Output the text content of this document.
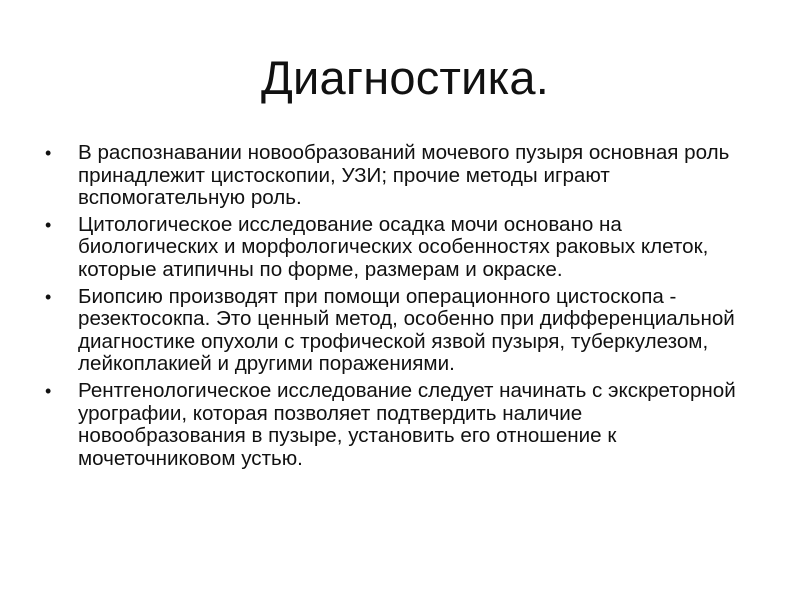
Диагностика.
•	В распознавании новообразований мочевого пузыря основная роль принадлежит цистоскопии, УЗИ; прочие методы играют вспомогательную роль.
•	Цитологическое исследование осадка мочи основано на биологических и морфологических особенностях раковых клеток, которые атипичны по форме, размерам и окраске.
•	Биопсию производят при помощи операционного цистоскопа - резектосокпа. Это ценный метод, особенно при дифференциальной диагностике опухоли с трофической язвой пузыря, туберкулезом, лейкоплакией и другими поражениями.
•	Рентгенологическое исследование следует начинать с экскреторной урографии, которая позволяет подтвердить наличие новообразования в пузыре, установить его отношение к мочеточниковом устью.
